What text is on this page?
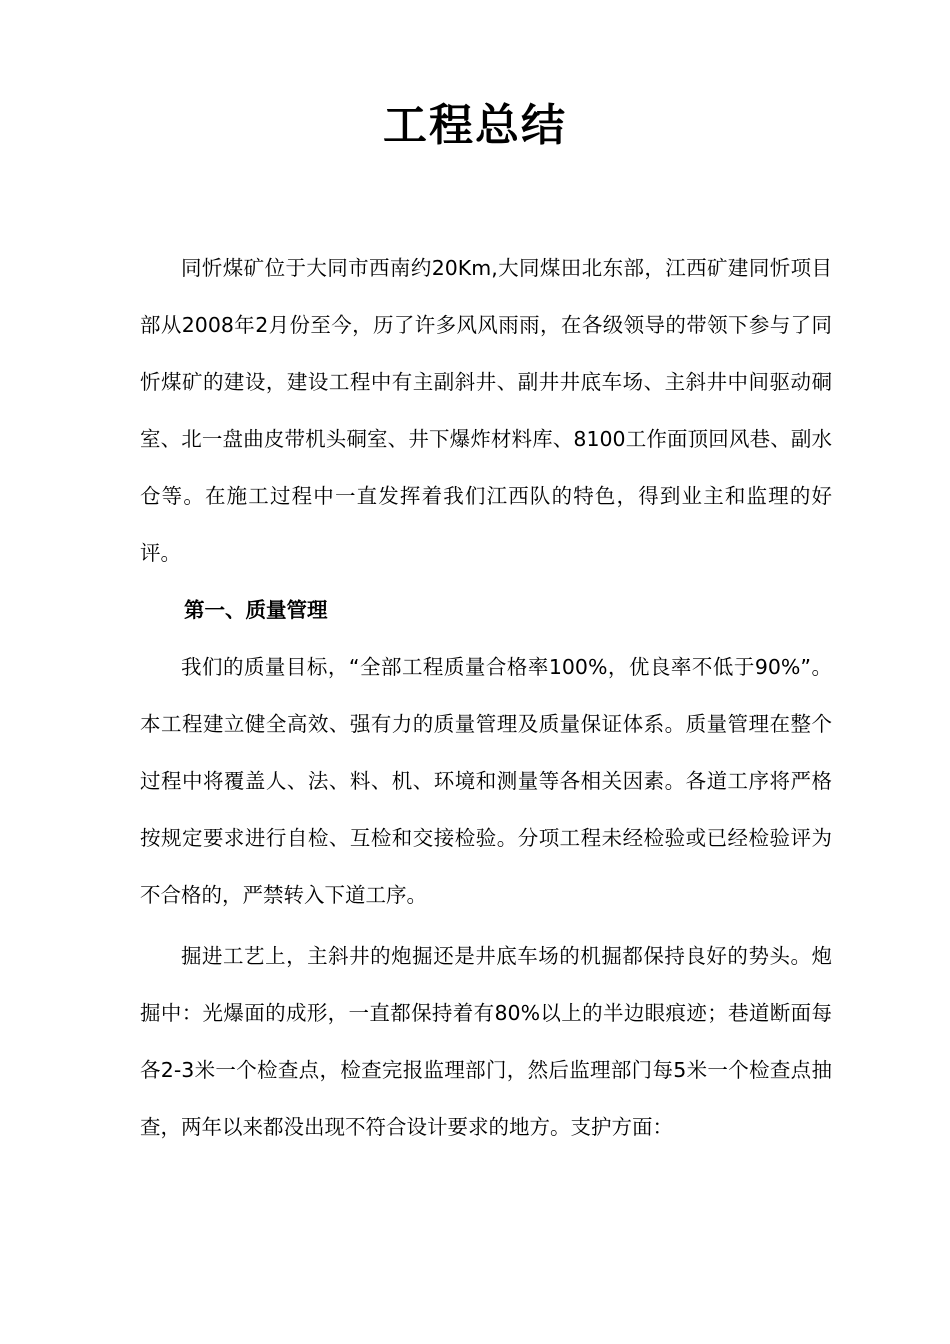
工程总结

同忻煤矿位于大同市西南约20Km,大同煤田北东部，江西矿建同忻项目部从2008年2月份至今，历了许多风风雨雨，在各级领导的带领下参与了同忻煤矿的建设，建设工程中有主副斜井、副井井底车场、主斜井中间驱动硐室、北一盘曲皮带机头硐室、井下爆炸材料库、8100工作面顶回风巷、副水仓等。在施工过程中一直发挥着我们江西队的特色，得到业主和监理的好评。

第一、质量管理

我们的质量目标，“全部工程质量合格率100%，优良率不低于90%”。本工程建立健全高效、强有力的质量管理及质量保证体系。质量管理在整个过程中将覆盖人、法、料、机、环境和测量等各相关因素。各道工序将严格按规定要求进行自检、互检和交接检验。分项工程未经检验或已经检验评为不合格的，严禁转入下道工序。

掘进工艺上，主斜井的炮掘还是井底车场的机掘都保持良好的势头。炮掘中：光爆面的成形，一直都保持着有80%以上的半边眼痕迹；巷道断面每各2-3米一个检查点，检查完报监理部门，然后监理部门每5米一个检查点抽查，两年以来都没出现不符合设计要求的地方。支护方面：
